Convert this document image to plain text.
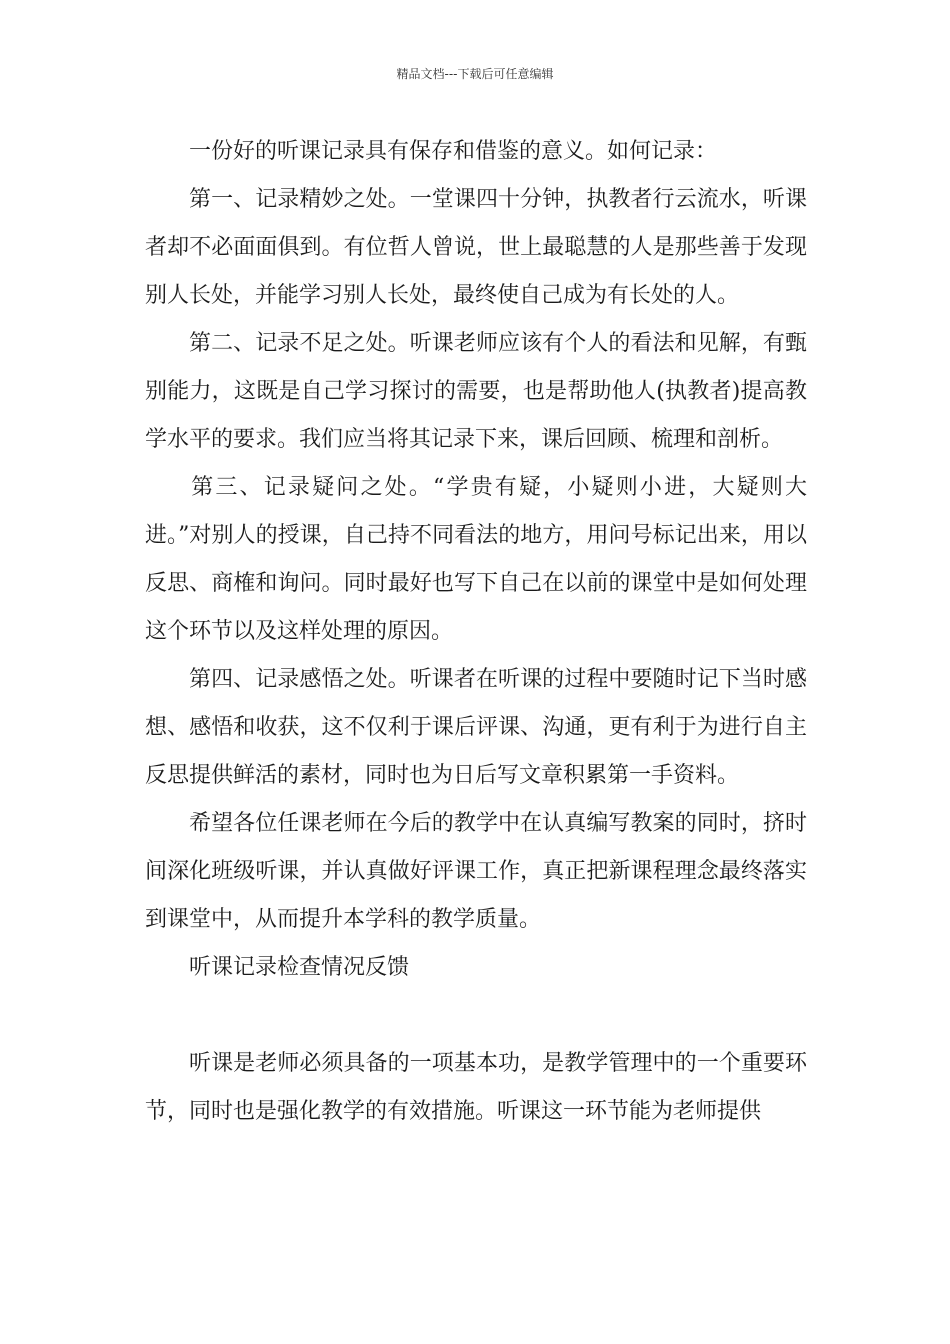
精品文档---下载后可任意编辑

一份好的听课记录具有保存和借鉴的意义。如何记录：

第一、记录精妙之处。一堂课四十分钟，执教者行云流水，听课者却不必面面俱到。有位哲人曾说，世上最聪慧的人是那些善于发现别人长处，并能学习别人长处，最终使自己成为有长处的人。

第二、记录不足之处。听课老师应该有个人的看法和见解，有甄别能力，这既是自己学习探讨的需要，也是帮助他人(执教者)提高教学水平的要求。我们应当将其记录下来，课后回顾、梳理和剖析。

第三、记录疑问之处。“学贵有疑，小疑则小进，大疑则大进。”对别人的授课，自己持不同看法的地方，用问号标记出来，用以反思、商榷和询问。同时最好也写下自己在以前的课堂中是如何处理这个环节以及这样处理的原因。

第四、记录感悟之处。听课者在听课的过程中要随时记下当时感想、感悟和收获，这不仅利于课后评课、沟通，更有利于为进行自主反思提供鲜活的素材，同时也为日后写文章积累第一手资料。

希望各位任课老师在今后的教学中在认真编写教案的同时，挤时间深化班级听课，并认真做好评课工作，真正把新课程理念最终落实到课堂中，从而提升本学科的教学质量。

听课记录检查情况反馈

听课是老师必须具备的一项基本功，是教学管理中的一个重要环节，同时也是强化教学的有效措施。听课这一环节能为老师提供
